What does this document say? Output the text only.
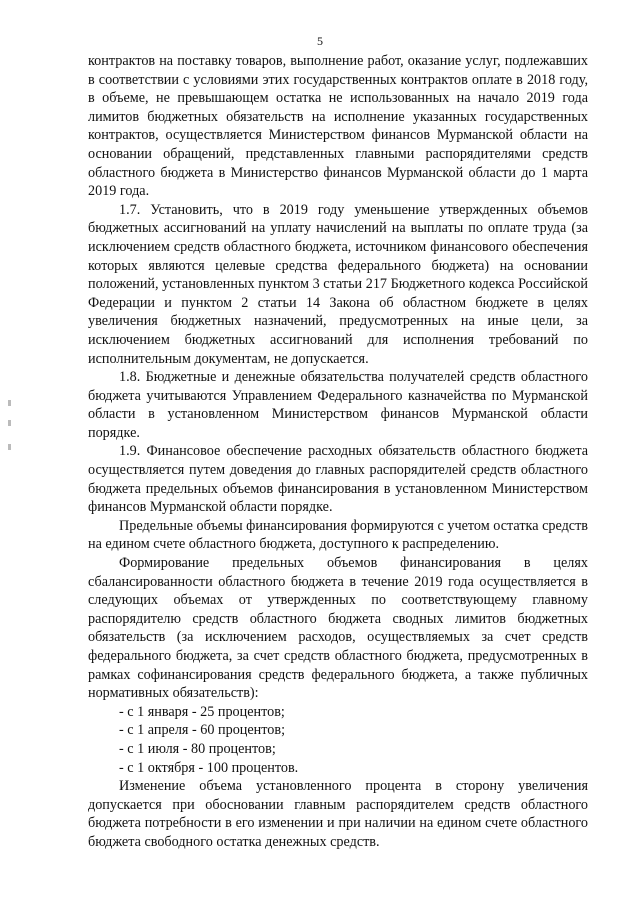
5

контрактов на поставку товаров, выполнение работ, оказание услуг, подлежавших в соответствии с условиями этих государственных контрактов оплате в 2018 году, в объеме, не превышающем остатка не использованных на начало 2019 года лимитов бюджетных обязательств на исполнение указанных государственных контрактов, осуществляется Министерством финансов Мурманской области на основании обращений, представленных главными распорядителями средств областного бюджета в Министерство финансов Мурманской области до 1 марта 2019 года.

1.7. Установить, что в 2019 году уменьшение утвержденных объемов бюджетных ассигнований на уплату начислений на выплаты по оплате труда (за исключением средств областного бюджета, источником финансового обеспечения которых являются целевые средства федерального бюджета) на основании положений, установленных пунктом 3 статьи 217 Бюджетного кодекса Российской Федерации и пунктом 2 статьи 14 Закона об областном бюджете в целях увеличения бюджетных назначений, предусмотренных на иные цели, за исключением бюджетных ассигнований для исполнения требований по исполнительным документам, не допускается.

1.8. Бюджетные и денежные обязательства получателей средств областного бюджета учитываются Управлением Федерального казначейства по Мурманской области в установленном Министерством финансов Мурманской области порядке.

1.9. Финансовое обеспечение расходных обязательств областного бюджета осуществляется путем доведения до главных распорядителей средств областного бюджета предельных объемов финансирования в установленном Министерством финансов Мурманской области порядке.

Предельные объемы финансирования формируются с учетом остатка средств на едином счете областного бюджета, доступного к распределению.

Формирование предельных объемов финансирования в целях сбалансированности областного бюджета в течение 2019 года осуществляется в следующих объемах от утвержденных по соответствующему главному распорядителю средств областного бюджета сводных лимитов бюджетных обязательств (за исключением расходов, осуществляемых за счет средств федерального бюджета, за счет средств областного бюджета, предусмотренных в рамках софинансирования средств федерального бюджета, а также публичных нормативных обязательств):

- с 1 января - 25 процентов;

- с 1 апреля - 60 процентов;

- с 1 июля - 80 процентов;

- с 1 октября - 100 процентов.

Изменение объема установленного процента в сторону увеличения допускается при обосновании главным распорядителем средств областного бюджета потребности в его изменении и при наличии на едином счете областного бюджета свободного остатка денежных средств.
